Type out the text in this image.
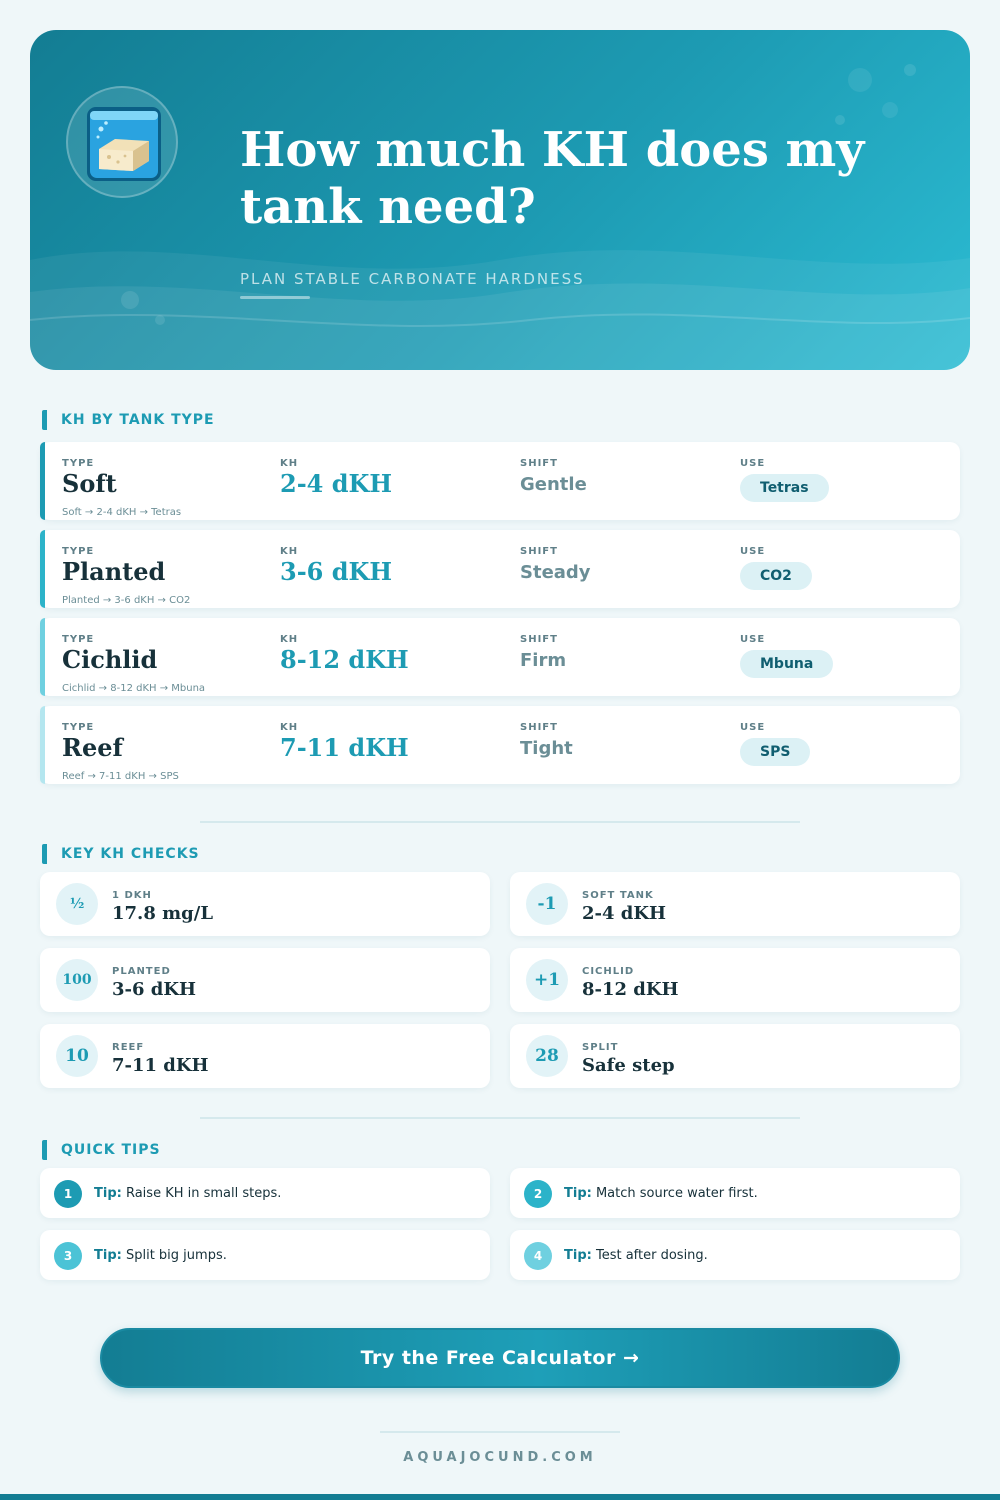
How much KH does my tank need?
PLAN STABLE CARBONATE HARDNESS
KH BY TANK TYPE
TYPE	KH	SHIFT	USE
Soft	2-4 dKH	Gentle	Tetras
Soft → 2-4 dKH → Tetras
TYPE	KH	SHIFT	USE
Planted	3-6 dKH	Steady	CO2
Planted → 3-6 dKH → CO2
TYPE	KH	SHIFT	USE
Cichlid	8-12 dKH	Firm	Mbuna
Cichlid → 8-12 dKH → Mbuna
TYPE	KH	SHIFT	USE
Reef	7-11 dKH	Tight	SPS
Reef → 7-11 dKH → SPS
KEY KH CHECKS
½
1 DKH
17.8 mg/L	-1	SOFT TANK
2-4 dKH
100
PLANTED
3-6 dKH	+1	CICHLID
8-12 dKH
10	REEF
7-11 dKH	28	SPLIT
Safe step
QUICK TIPS
1	Tip: Raise KH in small steps.	2	Tip: Match source water first.
3	Tip: Split big jumps.	4	Tip: Test after dosing.
Try the Free Calculator →
AQUAJOCUND.COM
